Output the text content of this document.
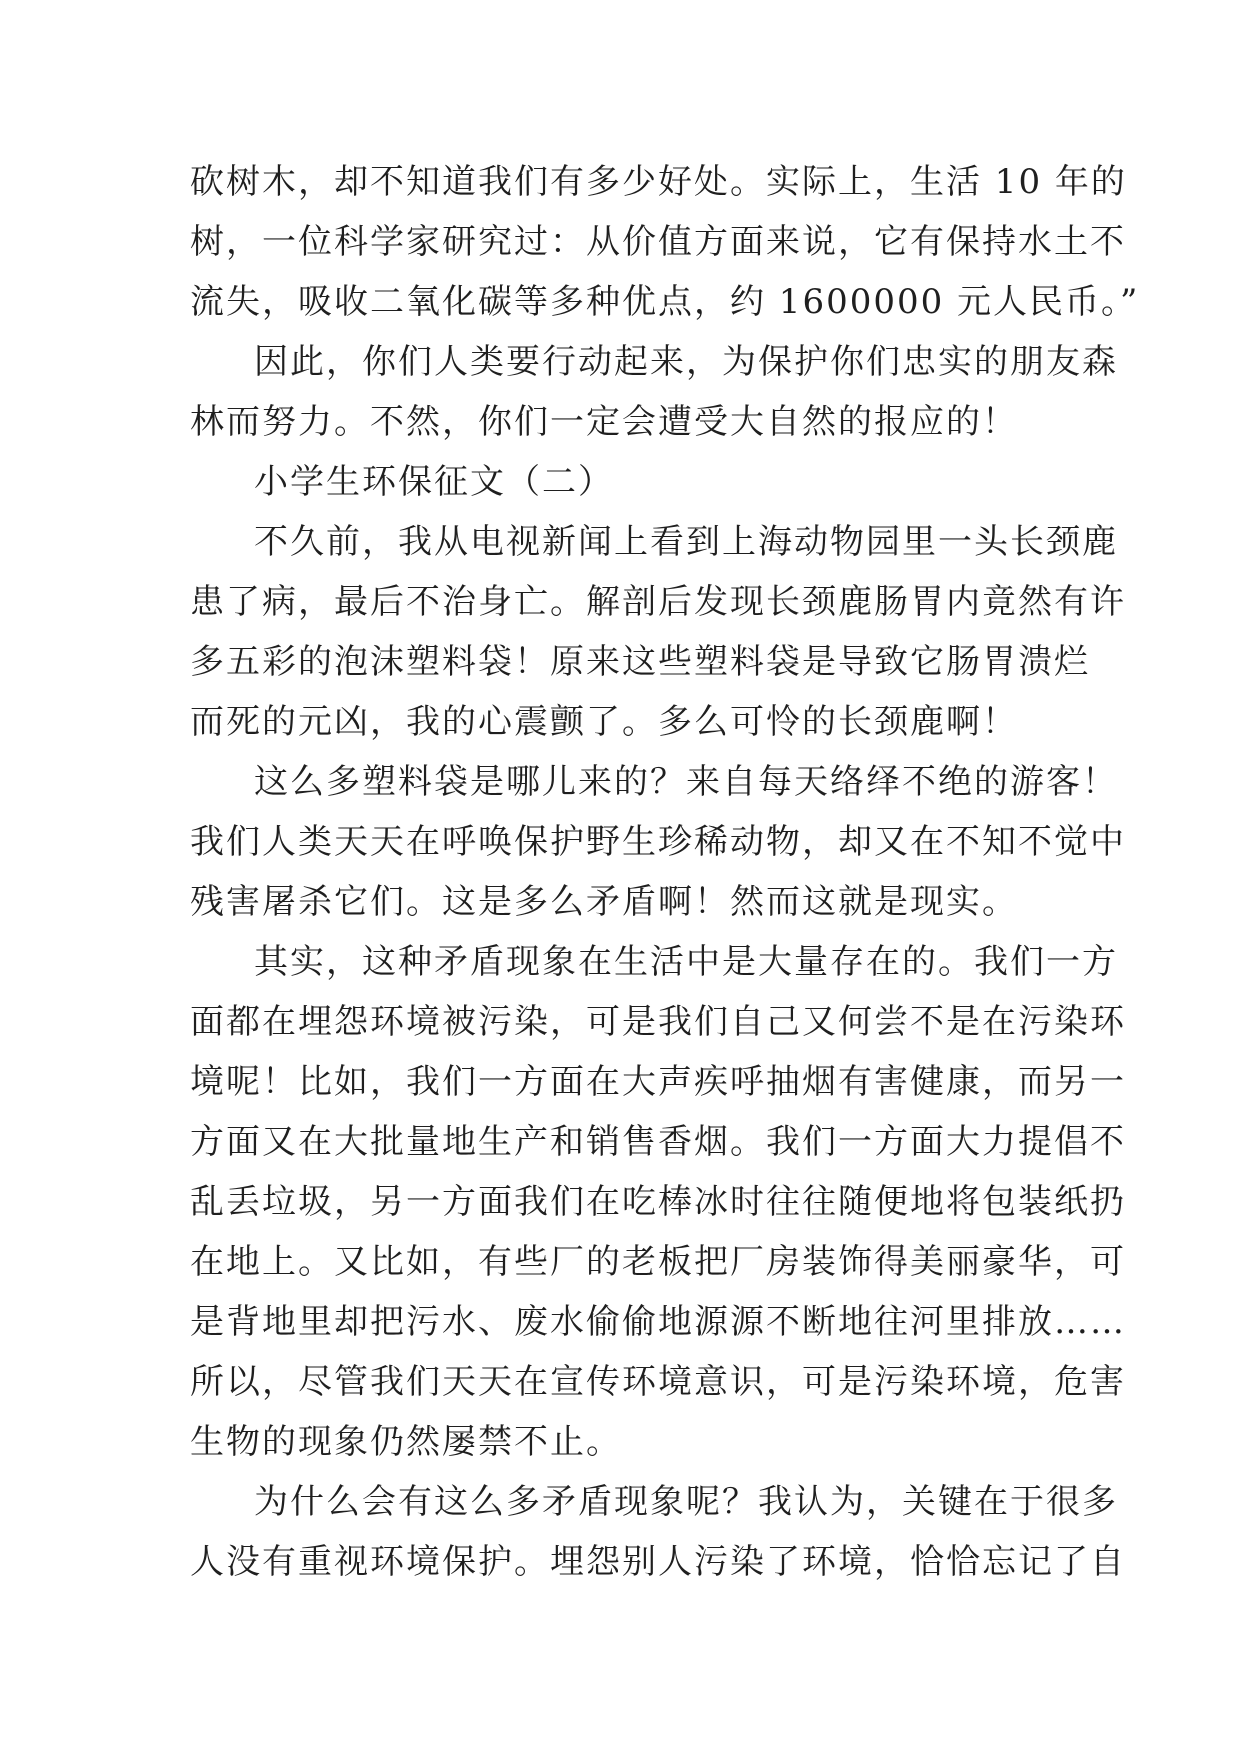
砍树木，却不知道我们有多少好处。实际上，生活 10 年的
树，一位科学家研究过：从价值方面来说，它有保持水土不
流失，吸收二氧化碳等多种优点，约 1600000 元人民币。”
因此，你们人类要行动起来，为保护你们忠实的朋友森
林而努力。不然，你们一定会遭受大自然的报应的！
小学生环保征文（二）
不久前，我从电视新闻上看到上海动物园里一头长颈鹿
患了病，最后不治身亡。解剖后发现长颈鹿肠胃内竟然有许
多五彩的泡沫塑料袋！原来这些塑料袋是导致它肠胃溃烂
而死的元凶，我的心震颤了。多么可怜的长颈鹿啊！
这么多塑料袋是哪儿来的？来自每天络绎不绝的游客！
我们人类天天在呼唤保护野生珍稀动物，却又在不知不觉中
残害屠杀它们。这是多么矛盾啊！然而这就是现实。
其实，这种矛盾现象在生活中是大量存在的。我们一方
面都在埋怨环境被污染，可是我们自己又何尝不是在污染环
境呢！比如，我们一方面在大声疾呼抽烟有害健康，而另一
方面又在大批量地生产和销售香烟。我们一方面大力提倡不
乱丢垃圾，另一方面我们在吃棒冰时往往随便地将包装纸扔
在地上。又比如，有些厂的老板把厂房装饰得美丽豪华，可
是背地里却把污水、废水偷偷地源源不断地往河里排放……
所以，尽管我们天天在宣传环境意识，可是污染环境，危害
生物的现象仍然屡禁不止。
为什么会有这么多矛盾现象呢？我认为，关键在于很多
人没有重视环境保护。埋怨别人污染了环境，恰恰忘记了自
